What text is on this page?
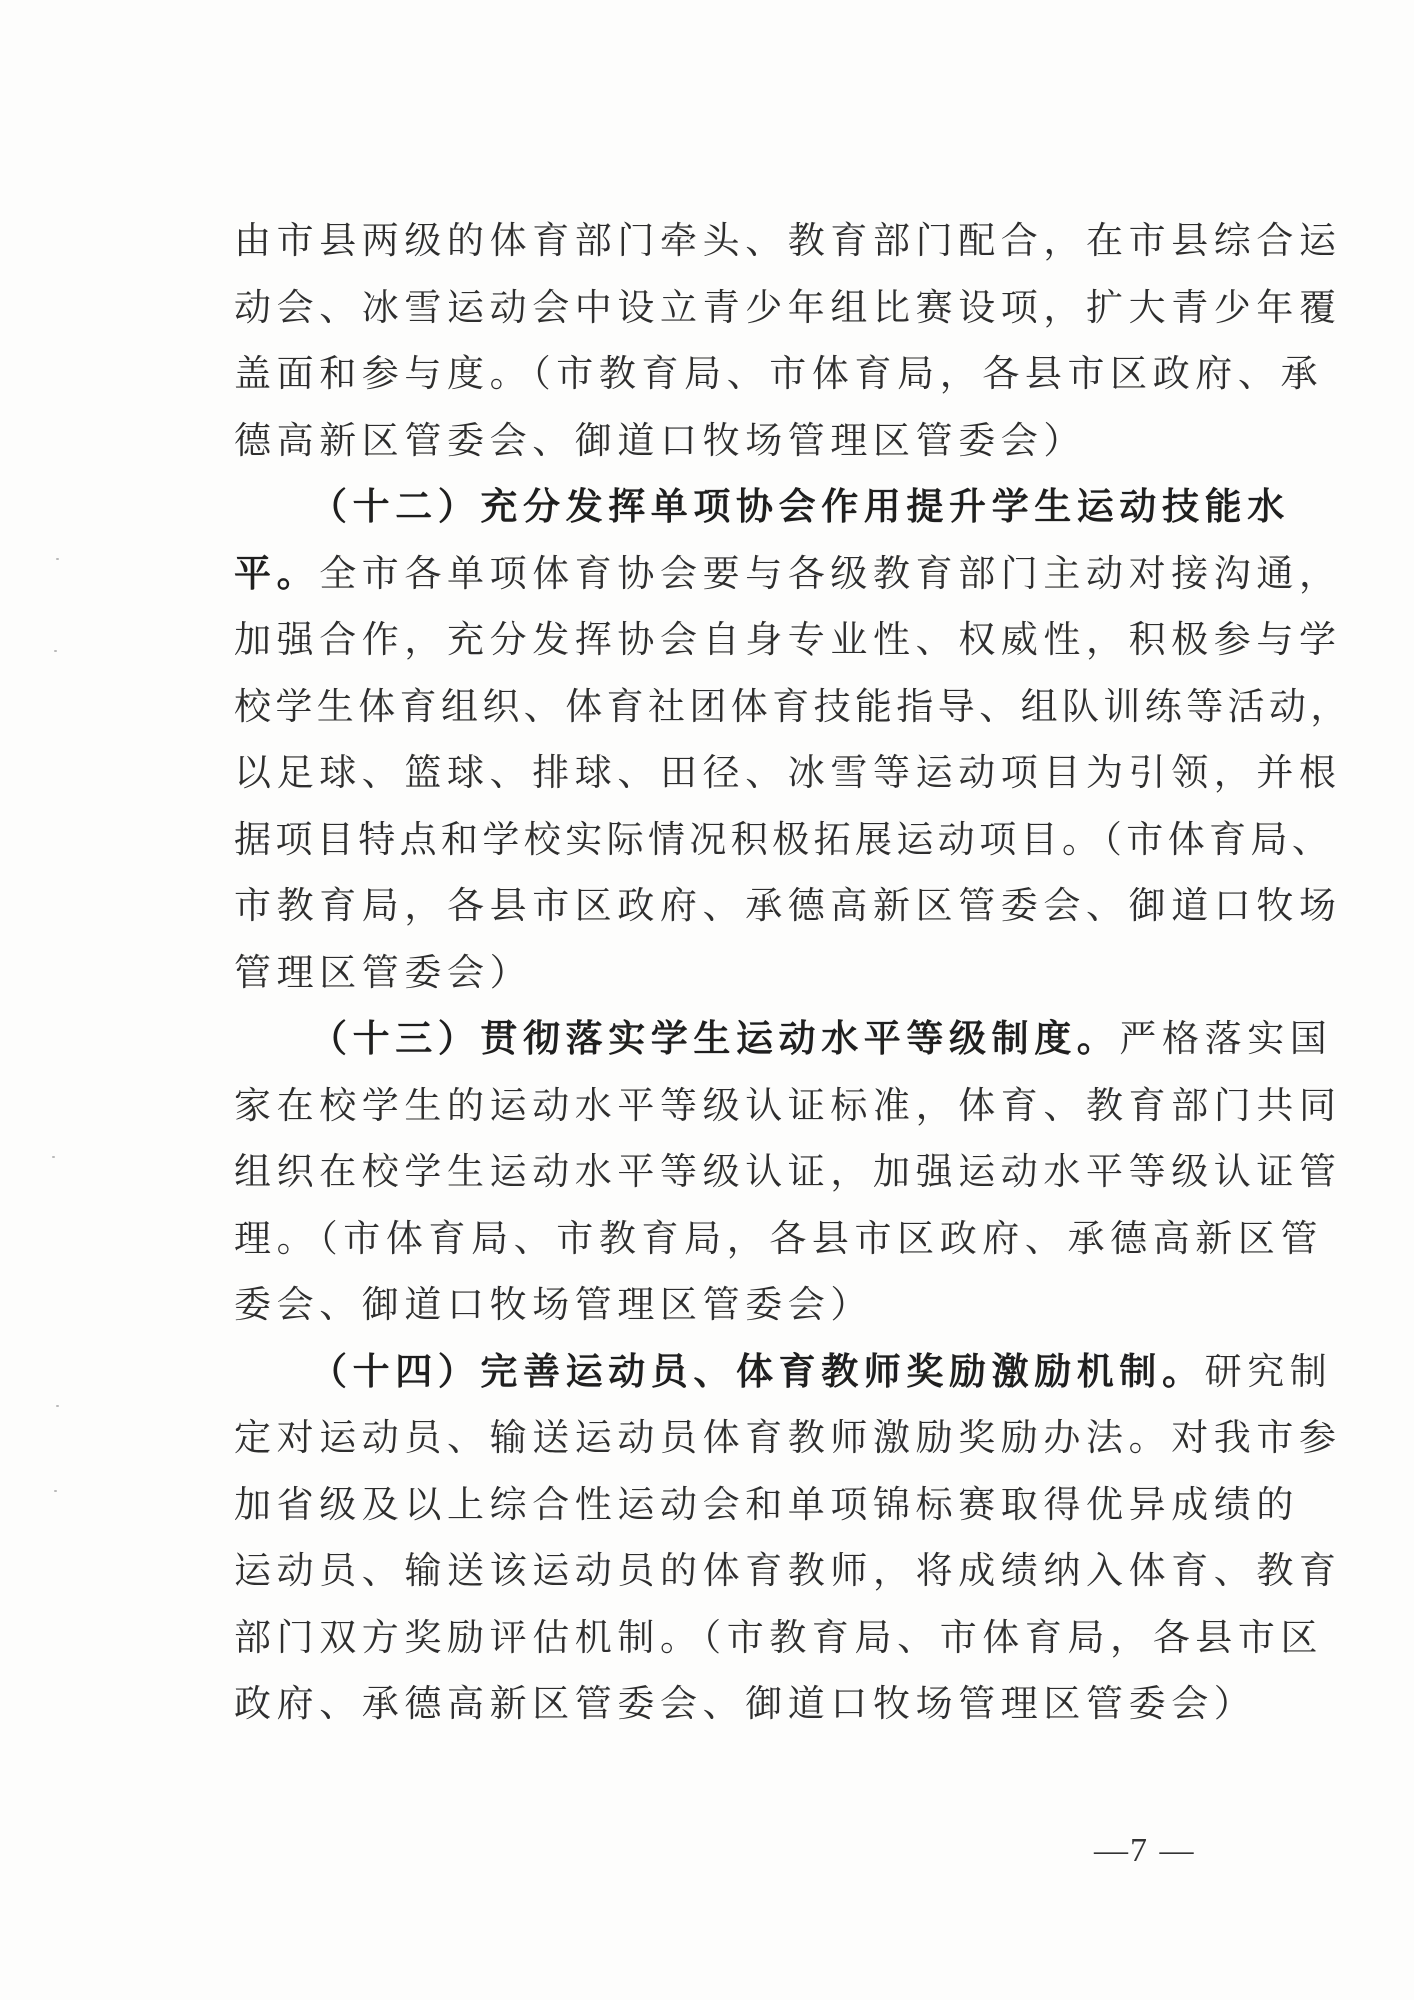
由市县两级的体育部门牵头、教育部门配合，在市县综合运
动会、冰雪运动会中设立青少年组比赛设项，扩大青少年覆
盖面和参与度。（市教育局、市体育局，各县市区政府、承
德高新区管委会、御道口牧场管理区管委会）
（十二）充分发挥单项协会作用提升学生运动技能水
平。全市各单项体育协会要与各级教育部门主动对接沟通，
加强合作，充分发挥协会自身专业性、权威性，积极参与学
校学生体育组织、体育社团体育技能指导、组队训练等活动，
以足球、篮球、排球、田径、冰雪等运动项目为引领，并根
据项目特点和学校实际情况积极拓展运动项目。（市体育局、
市教育局，各县市区政府、承德高新区管委会、御道口牧场
管理区管委会）
（十三）贯彻落实学生运动水平等级制度。严格落实国
家在校学生的运动水平等级认证标准，体育、教育部门共同
组织在校学生运动水平等级认证，加强运动水平等级认证管
理。（市体育局、市教育局，各县市区政府、承德高新区管
委会、御道口牧场管理区管委会）
（十四）完善运动员、体育教师奖励激励机制。研究制
定对运动员、输送运动员体育教师激励奖励办法。对我市参
加省级及以上综合性运动会和单项锦标赛取得优异成绩的
运动员、输送该运动员的体育教师，将成绩纳入体育、教育
部门双方奖励评估机制。（市教育局、市体育局，各县市区
政府、承德高新区管委会、御道口牧场管理区管委会）
—7 —
